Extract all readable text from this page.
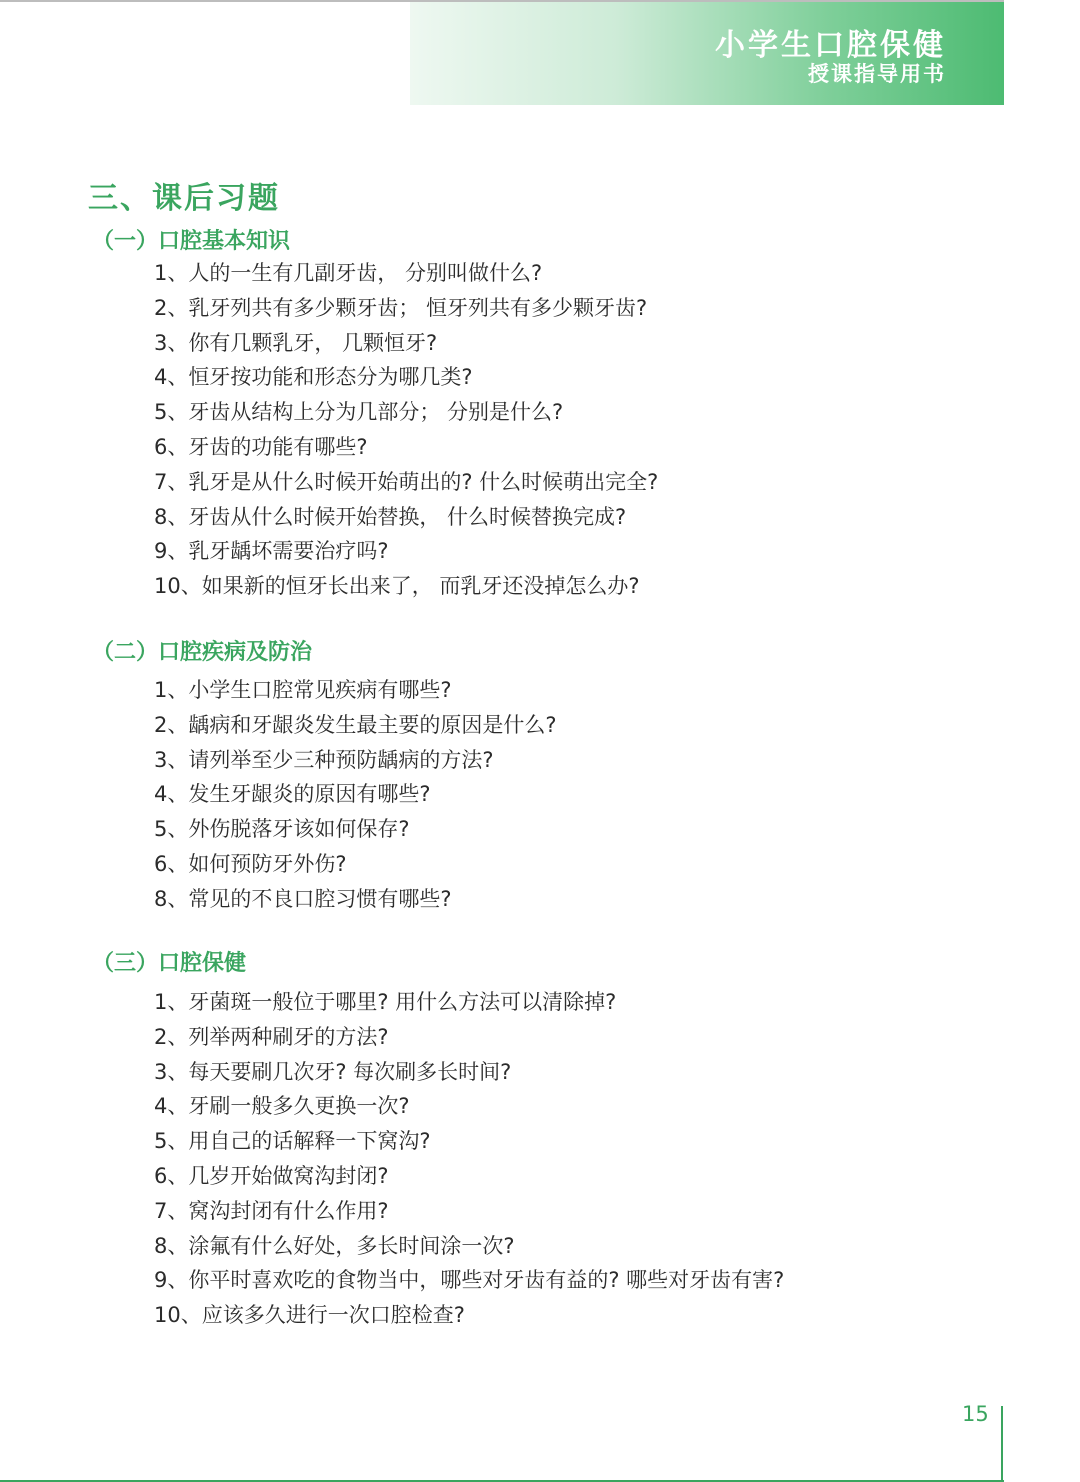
小学生口腔保健
授课指导用书
三、课后习题
（一）口腔基本知识
1、人的一生有几副牙齿， 分别叫做什么?
2、乳牙列共有多少颗牙齿； 恒牙列共有多少颗牙齿?
3、你有几颗乳牙， 几颗恒牙?
4、恒牙按功能和形态分为哪几类?
5、牙齿从结构上分为几部分； 分别是什么?
6、牙齿的功能有哪些?
7、乳牙是从什么时候开始萌出的? 什么时候萌出完全?
8、牙齿从什么时候开始替换， 什么时候替换完成?
9、乳牙龋坏需要治疗吗?
10、如果新的恒牙长出来了， 而乳牙还没掉怎么办?
（二）口腔疾病及防治
1、小学生口腔常见疾病有哪些?
2、龋病和牙龈炎发生最主要的原因是什么?
3、请列举至少三种预防龋病的方法?
4、发生牙龈炎的原因有哪些?
5、外伤脱落牙该如何保存?
6、如何预防牙外伤?
8、常见的不良口腔习惯有哪些?
（三）口腔保健
1、牙菌斑一般位于哪里? 用什么方法可以清除掉?
2、列举两种刷牙的方法?
3、每天要刷几次牙? 每次刷多长时间?
4、牙刷一般多久更换一次?
5、用自己的话解释一下窝沟?
6、几岁开始做窝沟封闭?
7、窝沟封闭有什么作用?
8、涂氟有什么好处，多长时间涂一次?
9、你平时喜欢吃的食物当中，哪些对牙齿有益的? 哪些对牙齿有害?
10、应该多久进行一次口腔检查?
15
